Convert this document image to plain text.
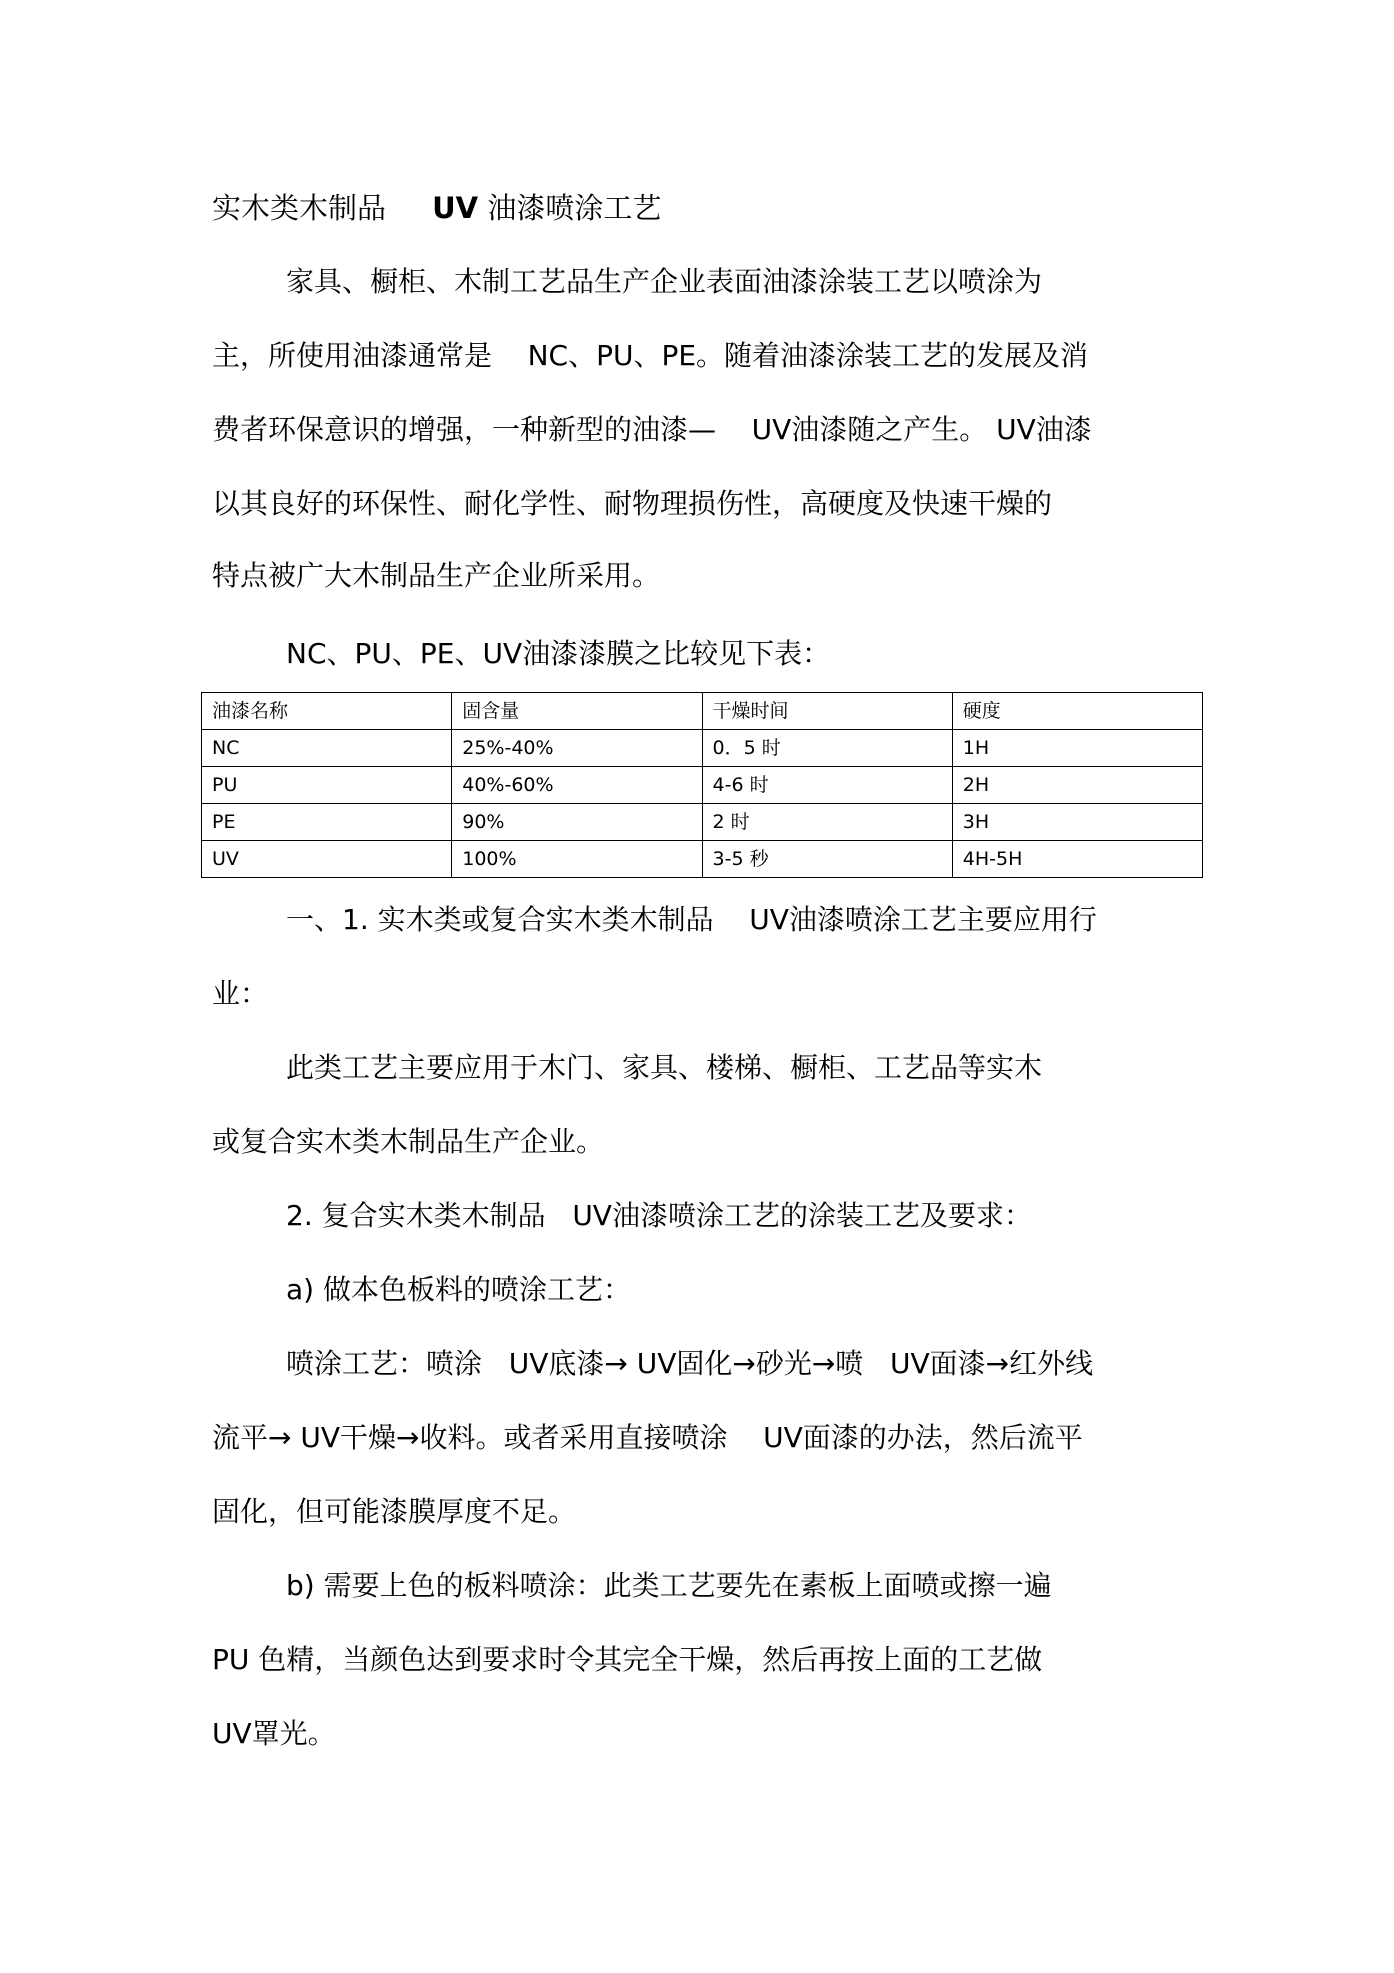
实木类木制品 UV 油漆喷涂工艺
家具、橱柜、木制工艺品生产企业表面油漆涂装工艺以喷涂为
主，所使用油漆通常是    NC、PU、PE。随着油漆涂装工艺的发展及消
费者环保意识的增强，一种新型的油漆—    UV油漆随之产生。 UV油漆
以其良好的环保性、耐化学性、耐物理损伤性，高硬度及快速干燥的
特点被广大木制品生产企业所采用。
NC、PU、PE、UV油漆漆膜之比较见下表：
油漆名称	固含量	干燥时间	硬度
NC	25%-40%	0．5 时	1H
PU	40%-60%	4-6 时	2H
PE	90%	2 时	3H
UV	100%	3-5 秒	4H-5H
一、1. 实木类或复合实木类木制品    UV油漆喷涂工艺主要应用行
业：
此类工艺主要应用于木门、家具、楼梯、橱柜、工艺品等实木
或复合实木类木制品生产企业。
2. 复合实木类木制品   UV油漆喷涂工艺的涂装工艺及要求：
a) 做本色板料的喷涂工艺：
喷涂工艺：喷涂   UV底漆→ UV固化→砂光→喷   UV面漆→红外线
流平→ UV干燥→收料。或者采用直接喷涂    UV面漆的办法，然后流平
固化，但可能漆膜厚度不足。
b) 需要上色的板料喷涂：此类工艺要先在素板上面喷或擦一遍
PU 色精，当颜色达到要求时令其完全干燥，然后再按上面的工艺做
UV罩光。
